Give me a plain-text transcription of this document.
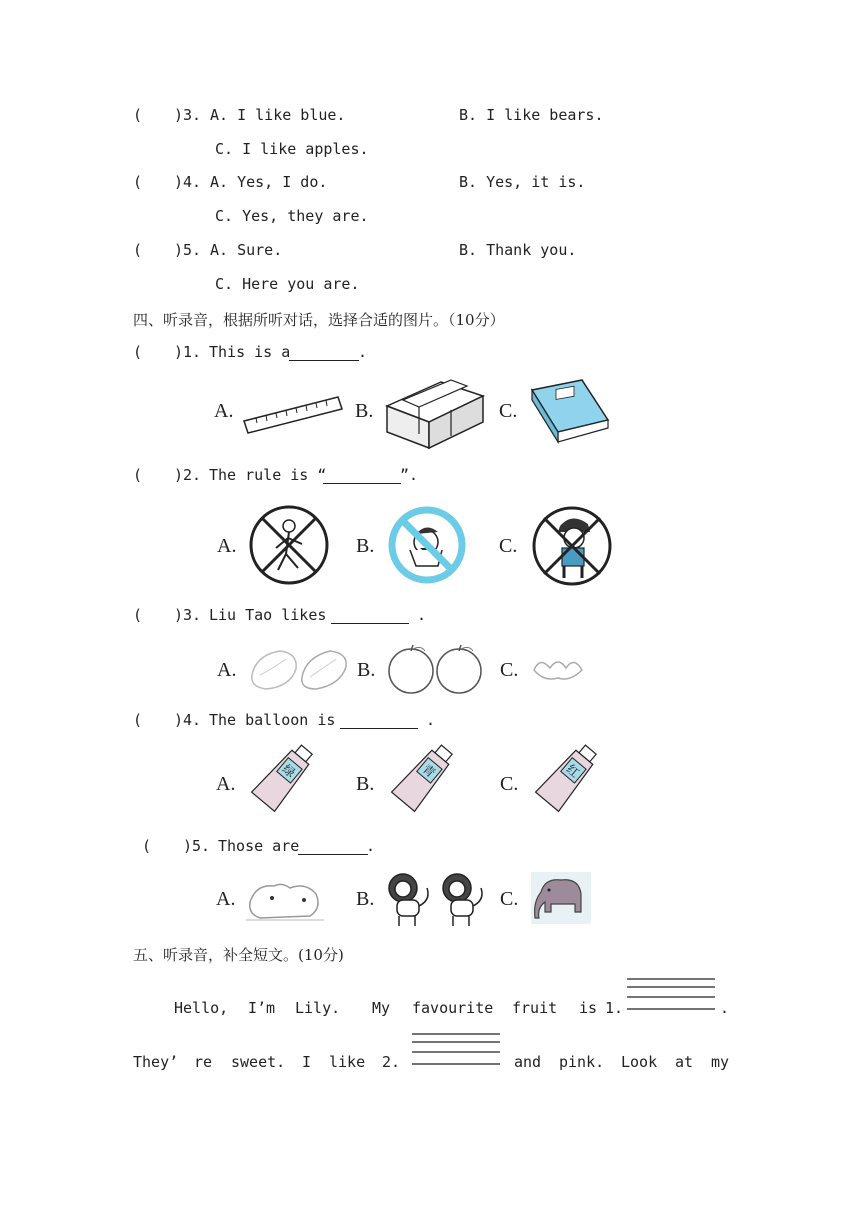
( ) 3. A. I like blue.	B. I like bears.
C. I like apples.
( ) 4. A. Yes, I do.	B. Yes, it is.
C. Yes, they are.
( ) 5. A. Sure.	B. Thank you.
C. Here you are.
四、听录音，根据所听对话，选择合适的图片。（10分）
( ) 1. This is a	.
A.	B.	C.
( ) 2. The rule is “	”.
A.	B.	C.
( ) 3. Liu Tao likes	.
A.	B.	C.
( ) 4. The balloon is	.
A.
绿
B.
青
C.
红
( ) 5. Those are	.
A.	B.	C.
五、听录音，补全短文。(10分)
Hello, I’m Lily. My favourite fruit is 1.	.
They’ re sweet. I like 2.	and pink. Look at my
